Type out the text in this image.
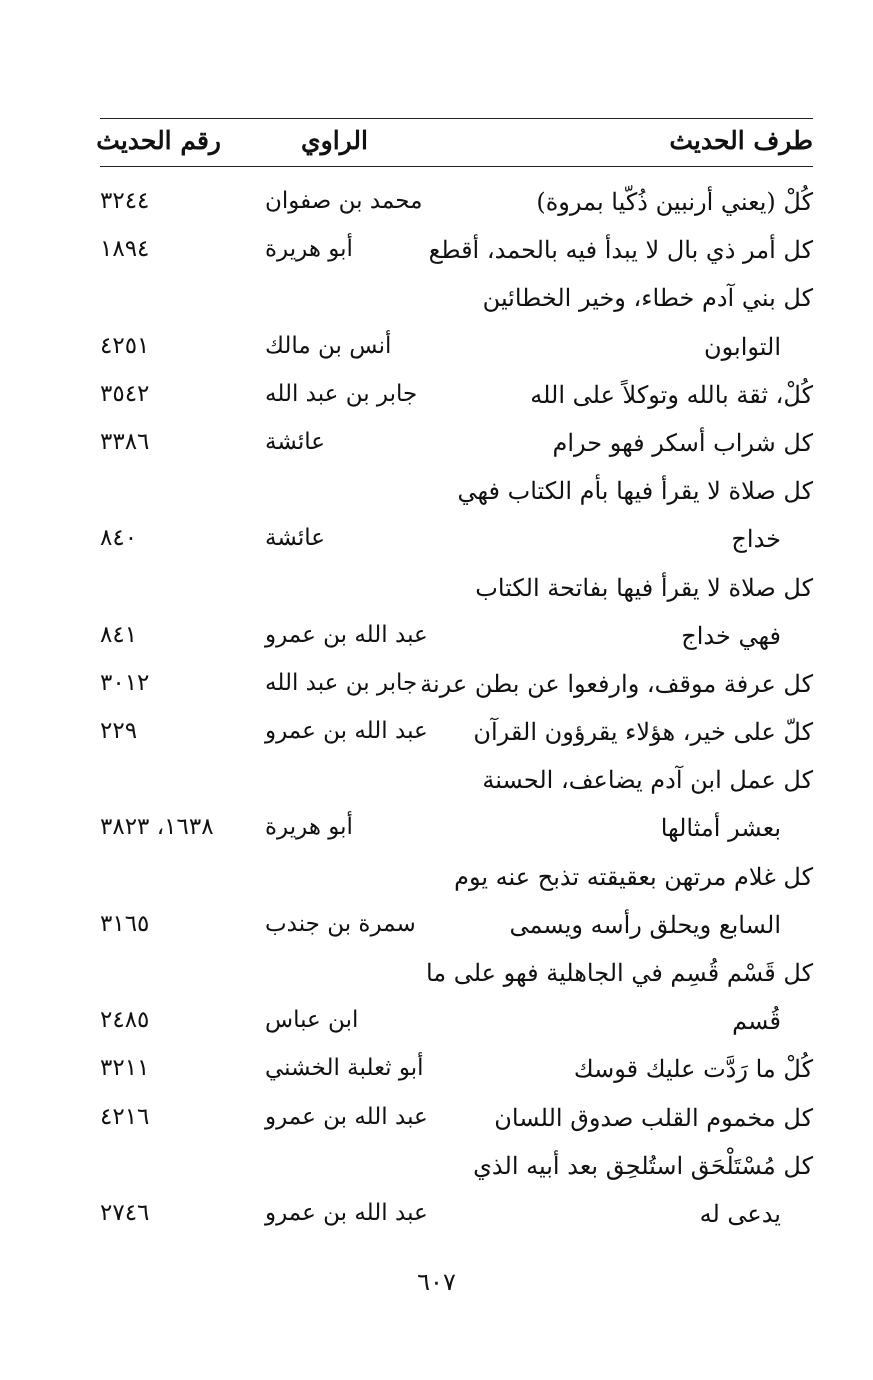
طرف الحديث
الراوي
رقم الحديث
كُلْ (يعني أرنبين ذُكّيا بمروة)
محمد بن صفوان
٣٢٤٤
كل أمر ذي بال لا يبدأ فيه بالحمد، أقطع
أبو هريرة
١٨٩٤
كل بني آدم خطاء، وخير الخطائين
التوابون
أنس بن مالك
٤٢٥١
كُلْ، ثقة بالله وتوكلاً على الله
جابر بن عبد الله
٣٥٤٢
كل شراب أسكر فهو حرام
عائشة
٣٣٨٦
كل صلاة لا يقرأ فيها بأم الكتاب فهي
خداج
عائشة
٨٤٠
كل صلاة لا يقرأ فيها بفاتحة الكتاب
فهي خداج
عبد الله بن عمرو
٨٤١
كل عرفة موقف، وارفعوا عن بطن عرنة
جابر بن عبد الله
٣٠١٢
كلّ على خير، هؤلاء يقرؤون القرآن
عبد الله بن عمرو
٢٢٩
كل عمل ابن آدم يضاعف، الحسنة
بعشر أمثالها
أبو هريرة
١٦٣٨، ٣٨٢٣
كل غلام مرتهن بعقيقته تذبح عنه يوم
السابع ويحلق رأسه ويسمى
سمرة بن جندب
٣١٦٥
كل قَسْم قُسِم في الجاهلية فهو على ما
قُسم
ابن عباس
٢٤٨٥
كُلْ ما رَدَّت عليك قوسك
أبو ثعلبة الخشني
٣٢١١
كل مخموم القلب صدوق اللسان
عبد الله بن عمرو
٤٢١٦
كل مُسْتَلْحَق استُلحِق بعد أبيه الذي
يدعى له
عبد الله بن عمرو
٢٧٤٦
٦٠٧
